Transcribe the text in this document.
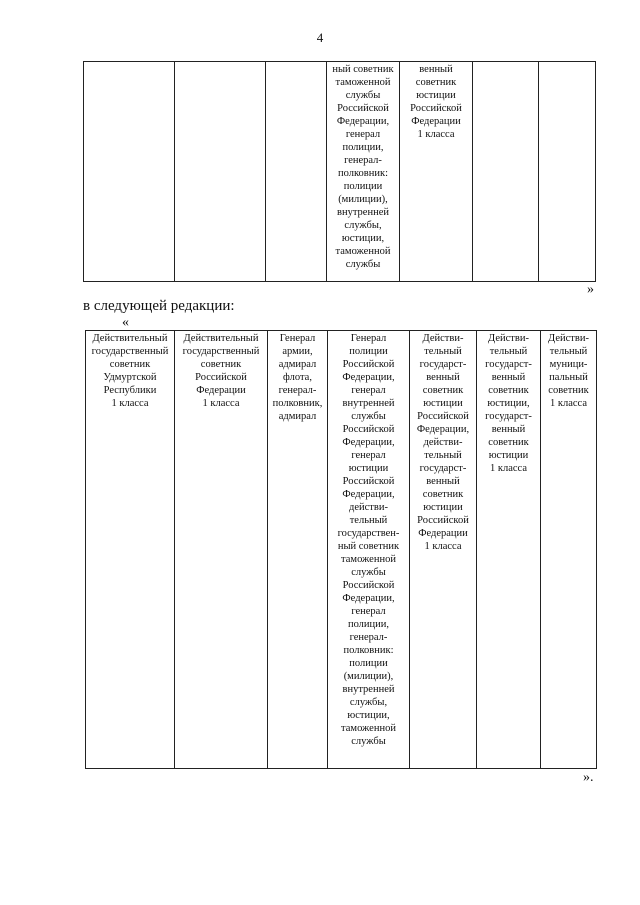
4
			ный советник
таможенной
службы
Российской
Федерации,
генерал
полиции,
генерал-
полковник:
полиции
(милиции),
внутренней
службы,
юстиции,
таможенной
службы	венный
советник
юстиции
Российской
Федерации
1 класса		
»
в следующей редакции:
«
Действительный
государственный
советник
Удмуртской
Республики
1 класса	Действительный
государственный
советник
Российской
Федерации
1 класса	Генерал
армии,
адмирал
флота,
генерал-
полковник,
адмирал	Генерал
полиции
Российской
Федерации,
генерал
внутренней
службы
Российской
Федерации,
генерал
юстиции
Российской
Федерации,
действи-
тельный
государствен-
ный советник
таможенной
службы
Российской
Федерации,
генерал
полиции,
генерал-
полковник:
полиции
(милиции),
внутренней
службы,
юстиции,
таможенной
службы	Действи-
тельный
государст-
венный
советник
юстиции
Российской
Федерации,
действи-
тельный
государст-
венный
советник
юстиции
Российской
Федерации
1 класса	Действи-
тельный
государст-
венный
советник
юстиции,
государст-
венный
советник
юстиции
1 класса	Действи-
тельный
муници-
пальный
советник
1 класса
».
